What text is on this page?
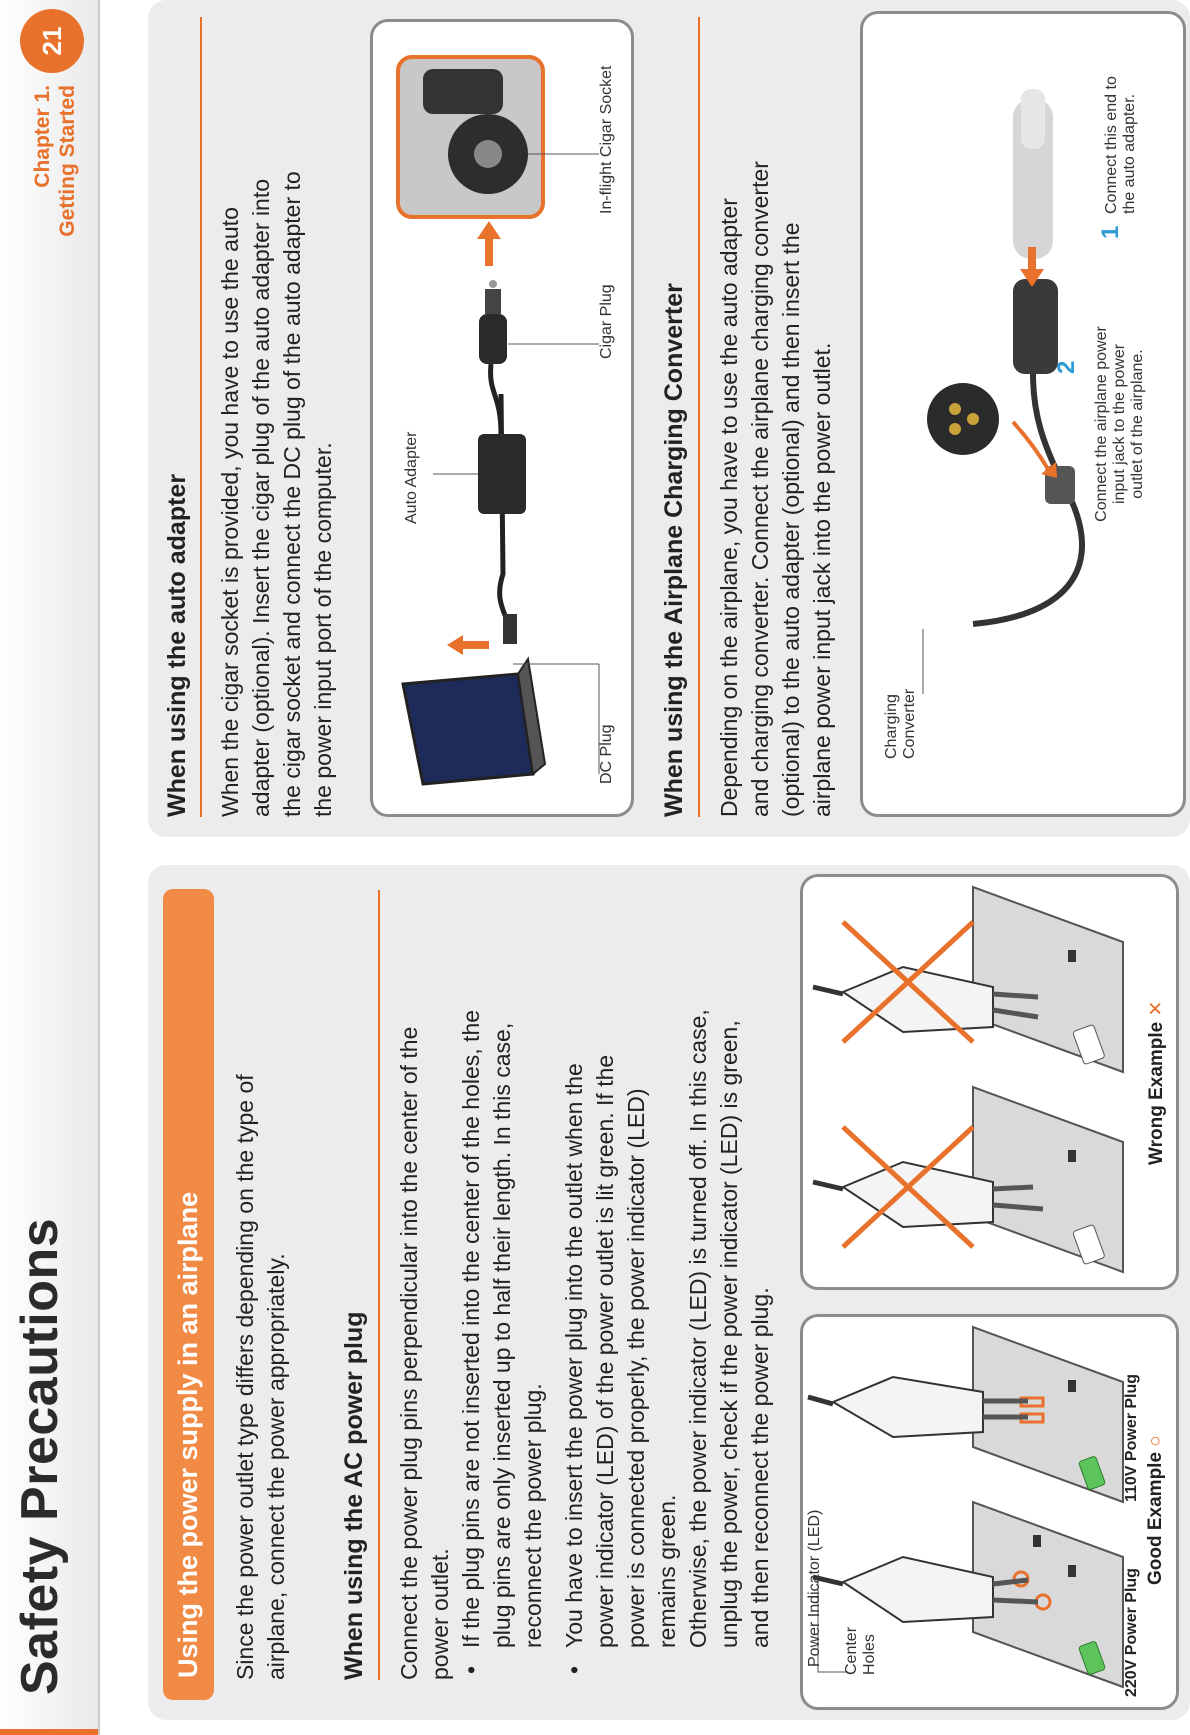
Safety Precautions
Chapter 1. Getting Started
21
Using the power supply in an airplane	Since the power outlet type differs depending on the type of airplane, connect the power appropriately. When using the AC power plug Connect the power plug pins perpendicular into the center of the power outlet. •
If the plug pins are not inserted into the center of the holes, the plug pins are only inserted up to half their length. In this case, reconnect the power plug.
•
You have to insert the power plug into the outlet when the power indicator (LED) of the power outlet is lit green. If the power is connected properly, the power indicator (LED) remains green. Otherwise, the power indicator (LED) is turned off. In this case, unplug the power, check if the power indicator (LED) is green, and then reconnect the power plug. Power Indicator (LED) Center Holes	220V Power Plug
110V Power Plug
Good Example ○
Wrong Example ✕
When using the auto adapter When the cigar socket is provided, you have to use the auto adapter (optional). Insert the cigar plug of the auto adapter into the cigar socket and connect the DC plug of the auto adapter to the power input port of the computer.	DC Plug
Auto Adapter
Cigar Plug
In-flight Cigar Socket
When using the Airplane Charging Converter Depending on the airplane, you have to use the auto adapter and charging converter. Connect the airplane charging converter (optional) to the auto adapter (optional) and then insert the airplane power input jack into the power outlet.	Charging Converter
2 Connect the airplane power input jack to the power outlet of the airplane.
1
Connect this end to the auto adapter.
